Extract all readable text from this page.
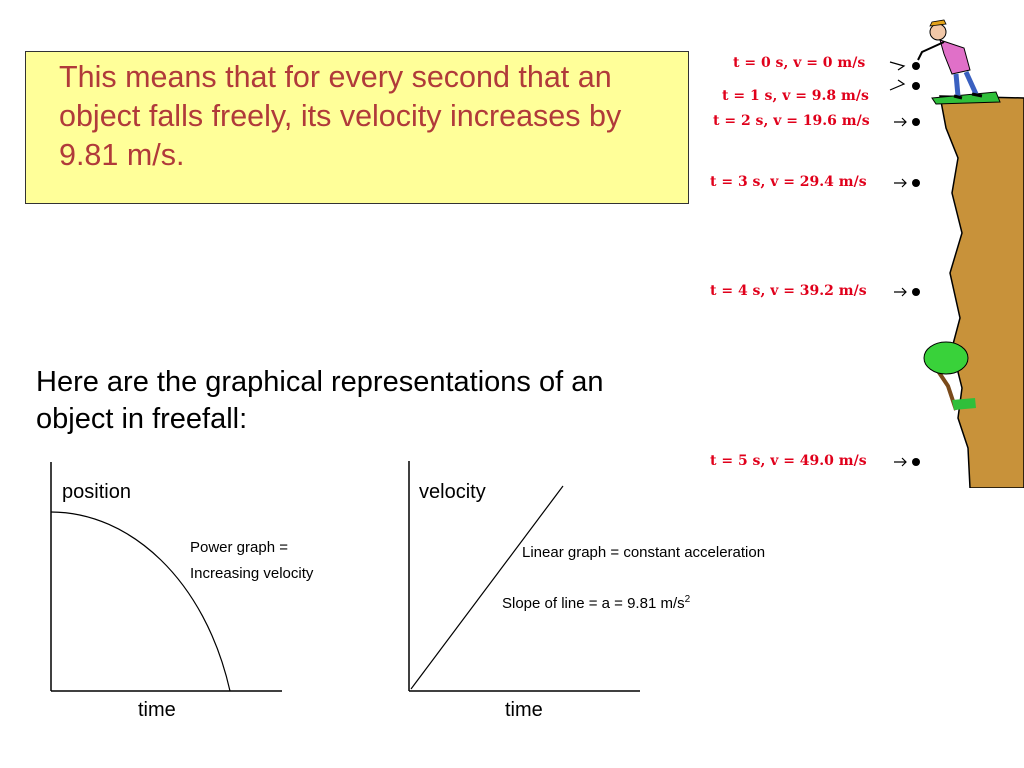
This means that for every second that an object falls freely, its velocity increases by 9.81 m/s.
Here are the graphical representations of an object in freefall:
position
time
Power graph =
Increasing velocity
velocity
time
Linear graph = constant acceleration
Slope of line = a = 9.81 $m/s^2$
t = 0 s, v = 0 m/s
t = 1 s, v = 9.8 m/s
t = 2 s, v = 19.6 m/s
t = 3 s, v = 29.4 m/s
t = 4 s, v = 39.2 m/s
t = 5 s, v = 49.0 m/s
